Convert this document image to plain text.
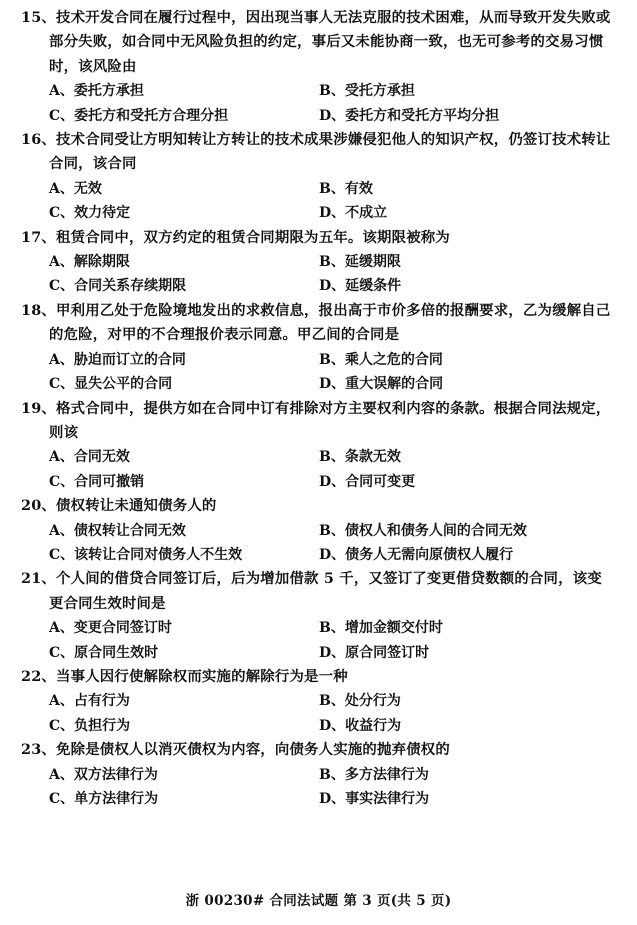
15、技术开发合同在履行过程中，因出现当事人无法克服的技术困难，从而导致开发失败或部分失败，如合同中无风险负担的约定，事后又未能协商一致，也无可参考的交易习惯时，该风险由
A、委托方承担	B、受托方承担
C、委托方和受托方合理分担	D、委托方和受托方平均分担
16、技术合同受让方明知转让方转让的技术成果涉嫌侵犯他人的知识产权，仍签订技术转让合同，该合同
A、无效	B、有效
C、效力待定	D、不成立
17、租赁合同中，双方约定的租赁合同期限为五年。该期限被称为
A、解除期限	B、延缓期限
C、合同关系存续期限	D、延缓条件
18、甲利用乙处于危险境地发出的求救信息，报出高于市价多倍的报酬要求，乙为缓解自己的危险，对甲的不合理报价表示同意。甲乙间的合同是
A、胁迫而订立的合同	B、乘人之危的合同
C、显失公平的合同	D、重大误解的合同
19、格式合同中，提供方如在合同中订有排除对方主要权利内容的条款。根据合同法规定，则该
A、合同无效	B、条款无效
C、合同可撤销	D、合同可变更
20、债权转让未通知债务人的
A、债权转让合同无效	B、债权人和债务人间的合同无效
C、该转让合同对债务人不生效	D、债务人无需向原债权人履行
21、个人间的借贷合同签订后，后为增加借款 5 千，又签订了变更借贷数额的合同，该变更合同生效时间是
A、变更合同签订时	B、增加金额交付时
C、原合同生效时	D、原合同签订时
22、当事人因行使解除权而实施的解除行为是一种
A、占有行为	B、处分行为
C、负担行为	D、收益行为
23、免除是债权人以消灭债权为内容，向债务人实施的抛弃债权的
A、双方法律行为	B、多方法律行为
C、单方法律行为	D、事实法律行为
浙 00230# 合同法试题 第 3 页(共 5 页)
